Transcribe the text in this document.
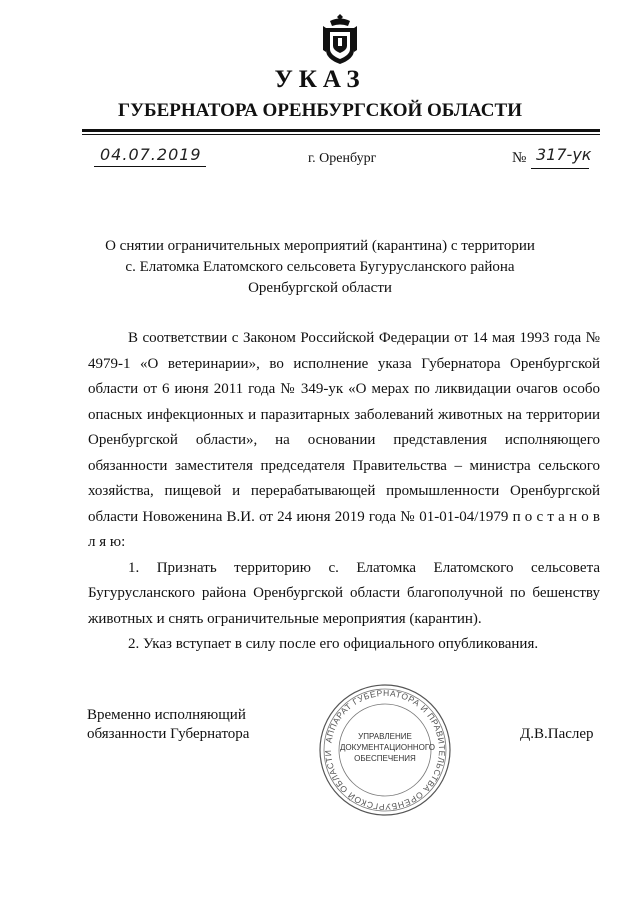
УКАЗ
ГУБЕРНАТОРА ОРЕНБУРГСКОЙ ОБЛАСТИ
04.07.2019	г. Оренбург	№ 317-ук
О снятии ограничительных мероприятий (карантина) с территории
с. Елатомка Елатомского сельсовета Бугурусланского района
Оренбургской области

В соответствии с Законом Российской Федерации от 14 мая 1993 года № 4979-1 «О ветеринарии», во исполнение указа Губернатора Оренбургской области от 6 июня 2011 года № 349-ук «О мерах по ликвидации очагов особо опасных инфекционных и паразитарных заболеваний животных на территории Оренбургской области», на основании представления исполняющего обязанности заместителя председателя Правительства – министра сельского хозяйства, пищевой и перерабатывающей промышленности Оренбургской области Новоженина В.И. от 24 июня 2019 года № 01-01-04/1979 п о с т а н о в л я ю:

1. Признать территорию с. Елатомка Елатомского сельсовета Бугурусланского района Оренбургской области благополучной по бешенству животных и снять ограничительные мероприятия (карантин).

2. Указ вступает в силу после его официального опубликования.

Временно исполняющий
обязанности Губернатора	АППАРАТ ГУБЕРНАТОРА И ПРАВИТЕЛЬСТВА ОРЕНБУРГСКОЙ ОБЛАСТИ
УПРАВЛЕНИЕ
ДОКУМЕНТАЦИОННОГО
ОБЕСПЕЧЕНИЯ
Д.В.Паслер
